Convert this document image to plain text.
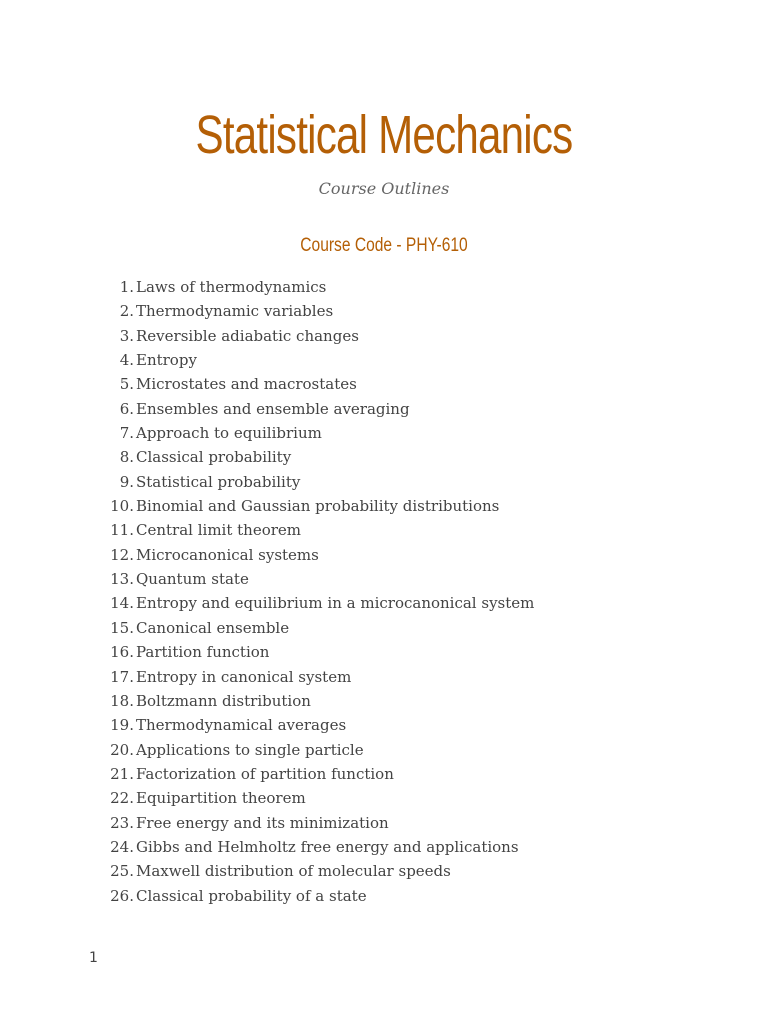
Statistical Mechanics
Course Outlines
Course Code - PHY-610
1. Laws of thermodynamics
2. Thermodynamic variables
3. Reversible adiabatic changes
4. Entropy
5. Microstates and macrostates
6. Ensembles and ensemble averaging
7. Approach to equilibrium
8. Classical probability
9. Statistical probability
10. Binomial and Gaussian probability distributions
11. Central limit theorem
12. Microcanonical systems
13. Quantum state
14. Entropy and equilibrium in a microcanonical system
15. Canonical ensemble
16. Partition function
17. Entropy in canonical system
18. Boltzmann distribution
19. Thermodynamical averages
20. Applications to single particle
21. Factorization of partition function
22. Equipartition theorem
23. Free energy and its minimization
24. Gibbs and Helmholtz free energy and applications
25. Maxwell distribution of molecular speeds
26. Classical probability of a state
1
